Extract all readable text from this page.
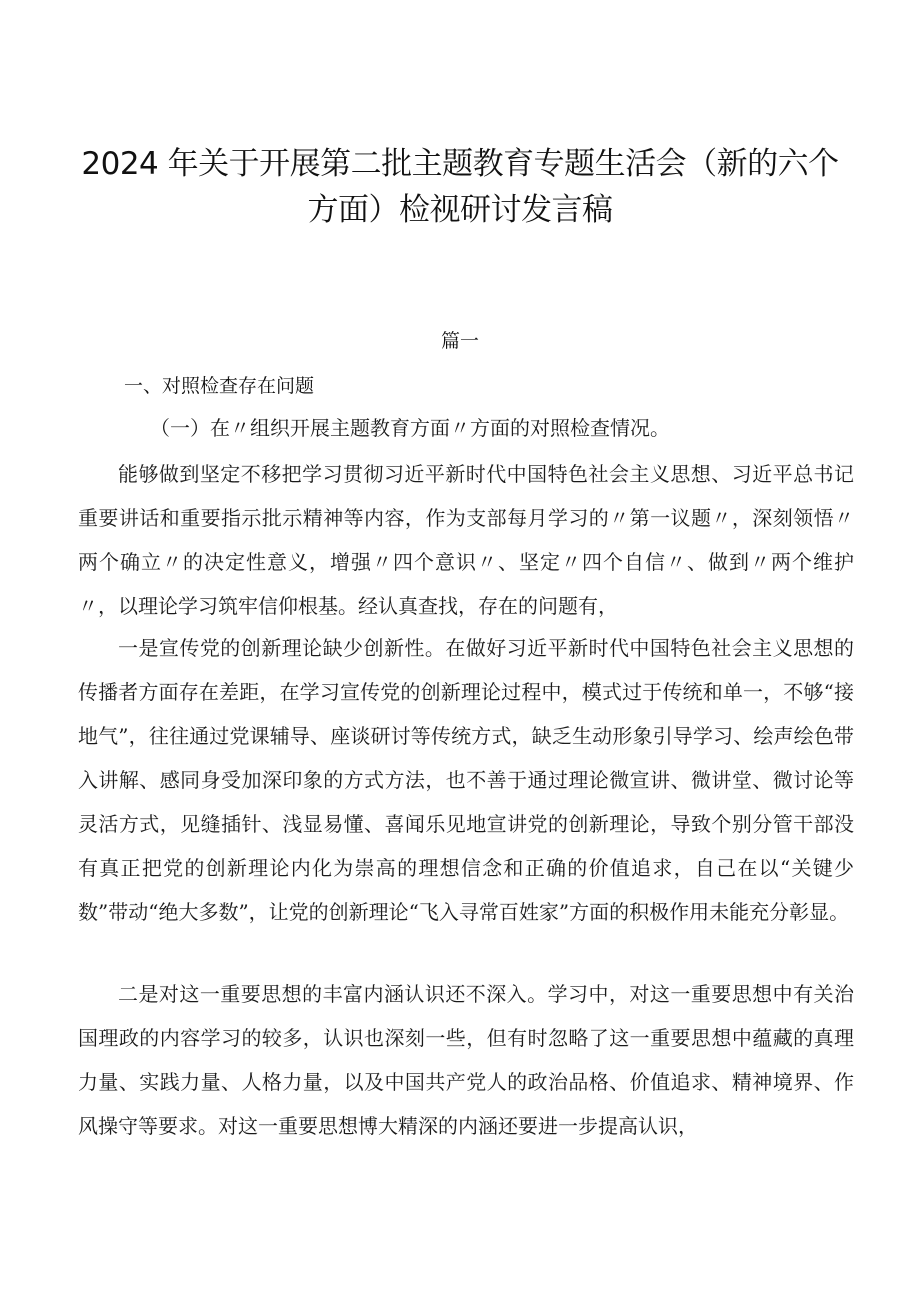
2024 年关于开展第二批主题教育专题生活会（新的六个
方面）检视研讨发言稿
篇一
一、对照检查存在问题
（一）在〃组织开展主题教育方面〃方面的对照检查情况。

能够做到坚定不移把学习贯彻习近平新时代中国特色社会主义思想、习近平总书记重要讲话和重要指示批示精神等内容，作为支部每月学习的〃第一议题〃，深刻领悟〃两个确立〃的决定性意义，增强〃四个意识〃、坚定〃四个自信〃、做到〃两个维护〃，以理论学习筑牢信仰根基。经认真查找，存在的问题有，

一是宣传党的创新理论缺少创新性。在做好习近平新时代中国特色社会主义思想的传播者方面存在差距，在学习宣传党的创新理论过程中，模式过于传统和单一，不够“接地气”，往往通过党课辅导、座谈研讨等传统方式，缺乏生动形象引导学习、绘声绘色带入讲解、感同身受加深印象的方式方法，也不善于通过理论微宣讲、微讲堂、微讨论等灵活方式，见缝插针、浅显易懂、喜闻乐见地宣讲党的创新理论，导致个别分管干部没有真正把党的创新理论内化为崇高的理想信念和正确的价值追求，自己在以“关键少数”带动“绝大多数”，让党的创新理论“飞入寻常百姓家”方面的积极作用未能充分彰显。

二是对这一重要思想的丰富内涵认识还不深入。学习中，对这一重要思想中有关治国理政的内容学习的较多，认识也深刻一些，但有时忽略了这一重要思想中蕴藏的真理力量、实践力量、人格力量，以及中国共产党人的政治品格、价值追求、精神境界、作风操守等要求。对这一重要思想博大精深的内涵还要进一步提高认识，
